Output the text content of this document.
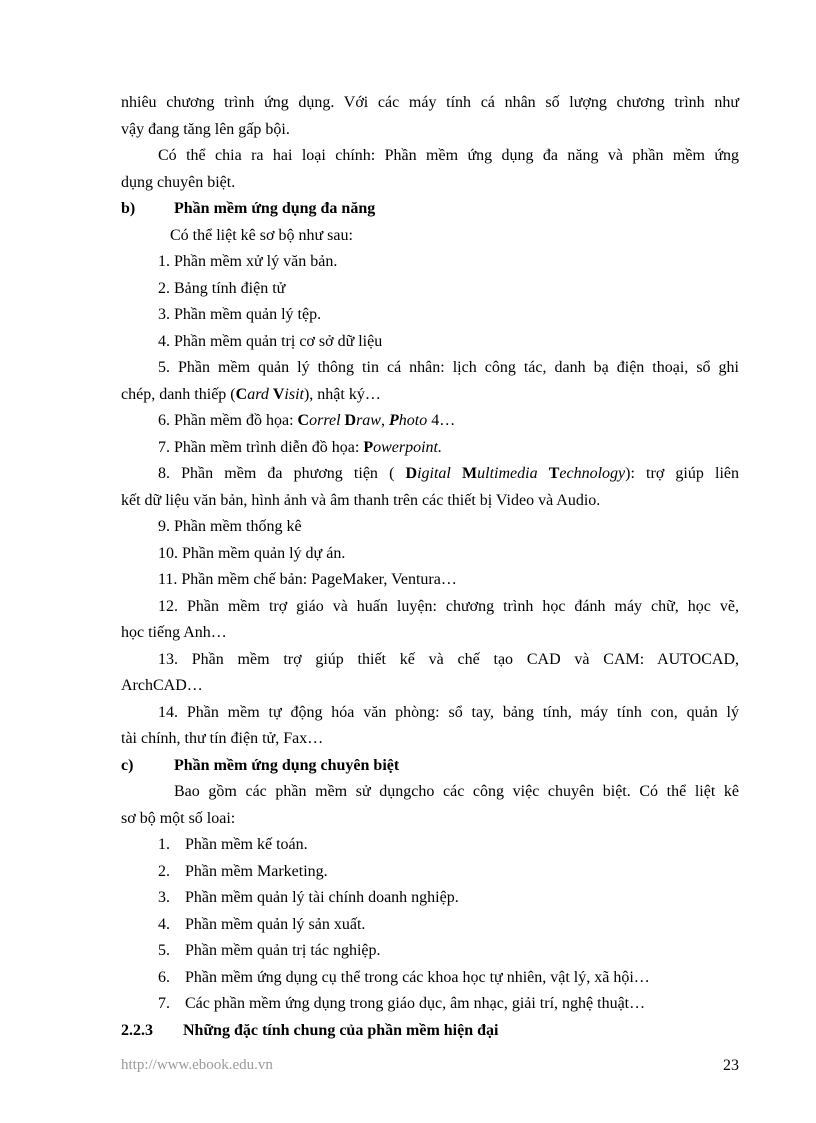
nhiêu chương trình ứng dụng. Với các máy tính cá nhân số lượng chương trình như

vậy đang tăng lên gấp bội.

Có thể chia ra hai loại chính: Phần mềm ứng dụng đa năng và phần mềm ứng

dụng chuyên biệt.

b)	Phần mềm ứng dụng đa năng

Có thể liệt kê sơ bộ như sau:

1. Phần mềm xử lý văn bản.

2. Bảng tính điện tử

3. Phần mềm quản lý tệp.

4. Phần mềm quản trị cơ sở dữ liệu

5. Phần mềm quản lý thông tin cá nhân: lịch công tác, danh bạ điện thoại, sổ ghi

chép, danh thiếp (Card Visit), nhật ký…

6. Phần mềm đồ họa: Correl Draw, Photo 4…

7. Phần mềm trình diễn đồ họa: Powerpoint.

8. Phần mềm đa phương tiện ( Digital Multimedia Technology): trợ giúp liên

kết dữ liệu văn bản, hình ảnh và âm thanh trên các thiết bị Video và Audio.

9. Phần mềm thống kê

10. Phần mềm quản lý dự án.

11. Phần mềm chế bản: PageMaker, Ventura…

12. Phần mềm trợ giáo và huấn luyện: chương trình học đánh máy chữ, học vẽ,

học tiếng Anh…

13. Phần mềm trợ giúp thiết kế và chế tạo CAD và CAM: AUTOCAD,

ArchCAD…

14. Phần mềm tự động hóa văn phòng: sổ tay, bảng tính, máy tính con, quản lý

tài chính, thư tín điện tử, Fax…

c)	Phần mềm ứng dụng chuyên biệt

Bao gồm các phần mềm sử dụngcho các công việc chuyên biệt. Có thể liệt kê

sơ bộ một số loai:

1. Phần mềm kế toán.
2. Phần mềm Marketing.
3. Phần mềm quản lý tài chính doanh nghiệp.
4. Phần mềm quản lý sản xuất.
5. Phần mềm quản trị tác nghiệp.
6. Phần mềm ứng dụng cụ thể trong các khoa học tự nhiên, vật lý, xã hội…
7. Các phần mềm ứng dụng trong giáo dục, âm nhạc, giải trí, nghệ thuật…
2.2.3	Những đặc tính chung của phần mềm hiện đại
http://www.ebook.edu.vn	23
